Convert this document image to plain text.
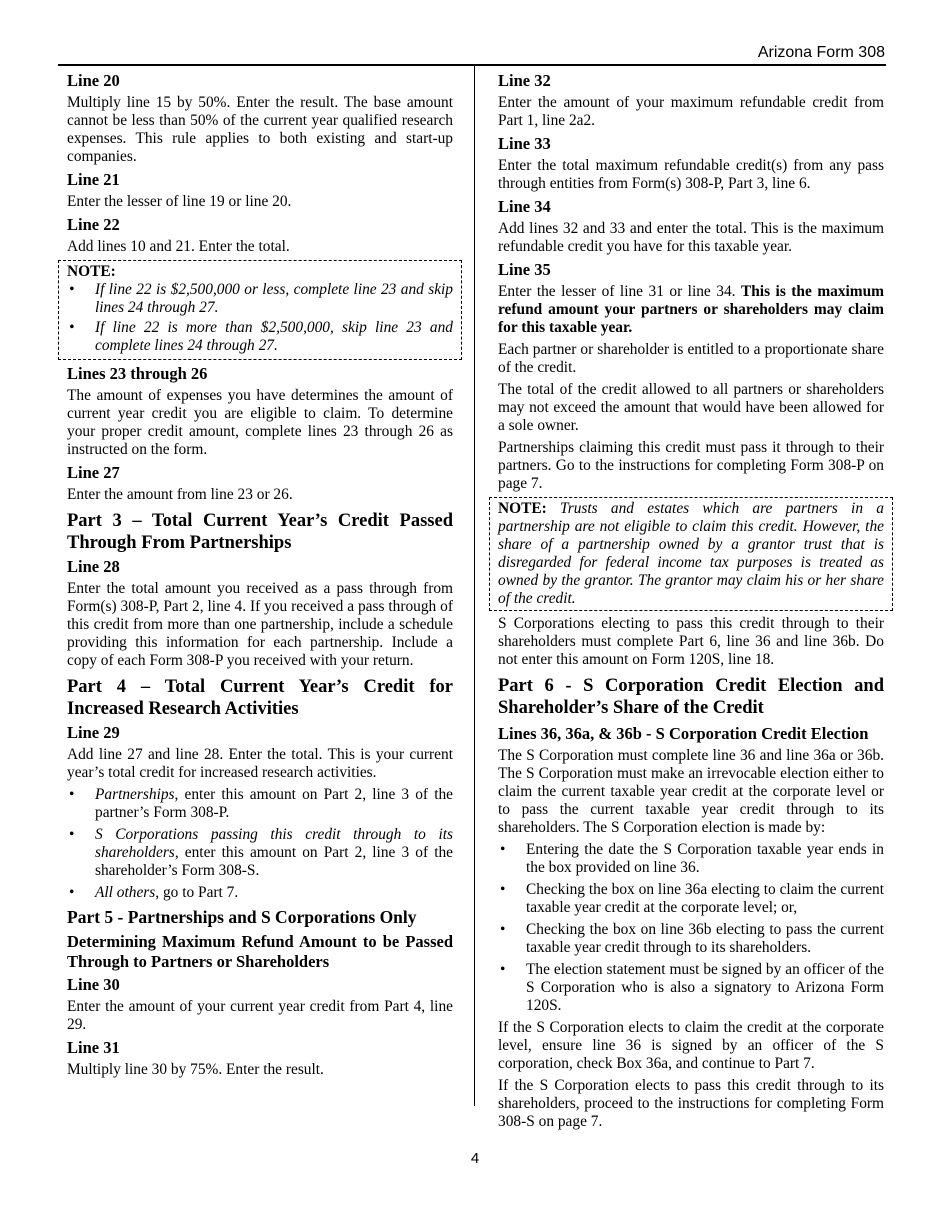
Arizona Form 308
Line 20

Multiply line 15 by 50%. Enter the result. The base amount cannot be less than 50% of the current year qualified research expenses. This rule applies to both existing and start-up companies.

Line 21

Enter the lesser of line 19 or line 20.

Line 22

Add lines 10 and 21. Enter the total.

NOTE:
• If line 22 is $2,500,000 or less, complete line 23 and skip lines 24 through 27.
• If line 22 is more than $2,500,000, skip line 23 and complete lines 24 through 27.
Lines 23 through 26

The amount of expenses you have determines the amount of current year credit you are eligible to claim. To determine your proper credit amount, complete lines 23 through 26 as instructed on the form.

Line 27

Enter the amount from line 23 or 26.

Part 3 – Total Current Year’s Credit Passed Through From Partnerships
Line 28

Enter the total amount you received as a pass through from Form(s) 308-P, Part 2, line 4. If you received a pass through of this credit from more than one partnership, include a schedule providing this information for each partnership. Include a copy of each Form 308-P you received with your return.

Part 4 – Total Current Year’s Credit for Increased Research Activities
Line 29

Add line 27 and line 28. Enter the total. This is your current year’s total credit for increased research activities.

• Partnerships, enter this amount on Part 2, line 3 of the partner’s Form 308-P.
• S Corporations passing this credit through to its shareholders, enter this amount on Part 2, line 3 of the shareholder’s Form 308-S.
• All others, go to Part 7.
Part 5 - Partnerships and S Corporations Only
Determining Maximum Refund Amount to be Passed Through to Partners or Shareholders
Line 30

Enter the amount of your current year credit from Part 4, line 29.

Line 31

Multiply line 30 by 75%. Enter the result.

Line 32

Enter the amount of your maximum refundable credit from Part 1, line 2a2.

Line 33

Enter the total maximum refundable credit(s) from any pass through entities from Form(s) 308-P, Part 3, line 6.

Line 34

Add lines 32 and 33 and enter the total. This is the maximum refundable credit you have for this taxable year.

Line 35

Enter the lesser of line 31 or line 34. This is the maximum refund amount your partners or shareholders may claim for this taxable year.

Each partner or shareholder is entitled to a proportionate share of the credit.

The total of the credit allowed to all partners or shareholders may not exceed the amount that would have been allowed for a sole owner.

Partnerships claiming this credit must pass it through to their partners. Go to the instructions for completing Form 308-P on page 7.

NOTE: Trusts and estates which are partners in a partnership are not eligible to claim this credit. However, the share of a partnership owned by a grantor trust that is disregarded for federal income tax purposes is treated as owned by the grantor. The grantor may claim his or her share of the credit.

S Corporations electing to pass this credit through to their shareholders must complete Part 6, line 36 and line 36b. Do not enter this amount on Form 120S, line 18.

Part 6 - S Corporation Credit Election and Shareholder’s Share of the Credit
Lines 36, 36a, & 36b - S Corporation Credit Election

The S Corporation must complete line 36 and line 36a or 36b. The S Corporation must make an irrevocable election either to claim the current taxable year credit at the corporate level or to pass the current taxable year credit through to its shareholders. The S Corporation election is made by:

• Entering the date the S Corporation taxable year ends in the box provided on line 36.
• Checking the box on line 36a electing to claim the current taxable year credit at the corporate level; or,
• Checking the box on line 36b electing to pass the current taxable year credit through to its shareholders.
• The election statement must be signed by an officer of the S Corporation who is also a signatory to Arizona Form 120S.

If the S Corporation elects to claim the credit at the corporate level, ensure line 36 is signed by an officer of the S corporation, check Box 36a, and continue to Part 7.

If the S Corporation elects to pass this credit through to its shareholders, proceed to the instructions for completing Form 308-S on page 7.

4
